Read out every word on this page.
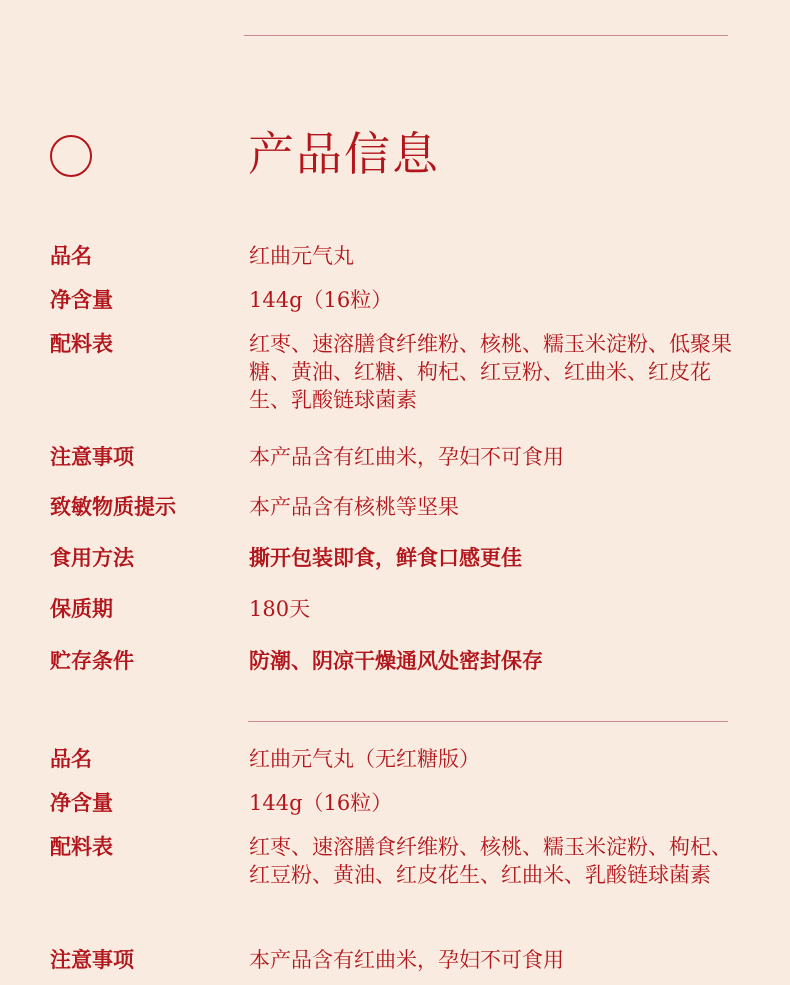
产品信息
品名	红曲元气丸
净含量	144g（16粒）
配料表	红枣、速溶膳食纤维粉、核桃、糯玉米淀粉、低聚果糖、黄油、红糖、枸杞、红豆粉、红曲米、红皮花生、乳酸链球菌素
注意事项	本产品含有红曲米，孕妇不可食用
致敏物质提示	本产品含有核桃等坚果
食用方法	撕开包装即食，鲜食口感更佳
保质期	180天
贮存条件	防潮、阴凉干燥通风处密封保存
品名	红曲元气丸（无红糖版）
净含量	144g（16粒）
配料表	红枣、速溶膳食纤维粉、核桃、糯玉米淀粉、枸杞、红豆粉、黄油、红皮花生、红曲米、乳酸链球菌素
注意事项	本产品含有红曲米，孕妇不可食用
